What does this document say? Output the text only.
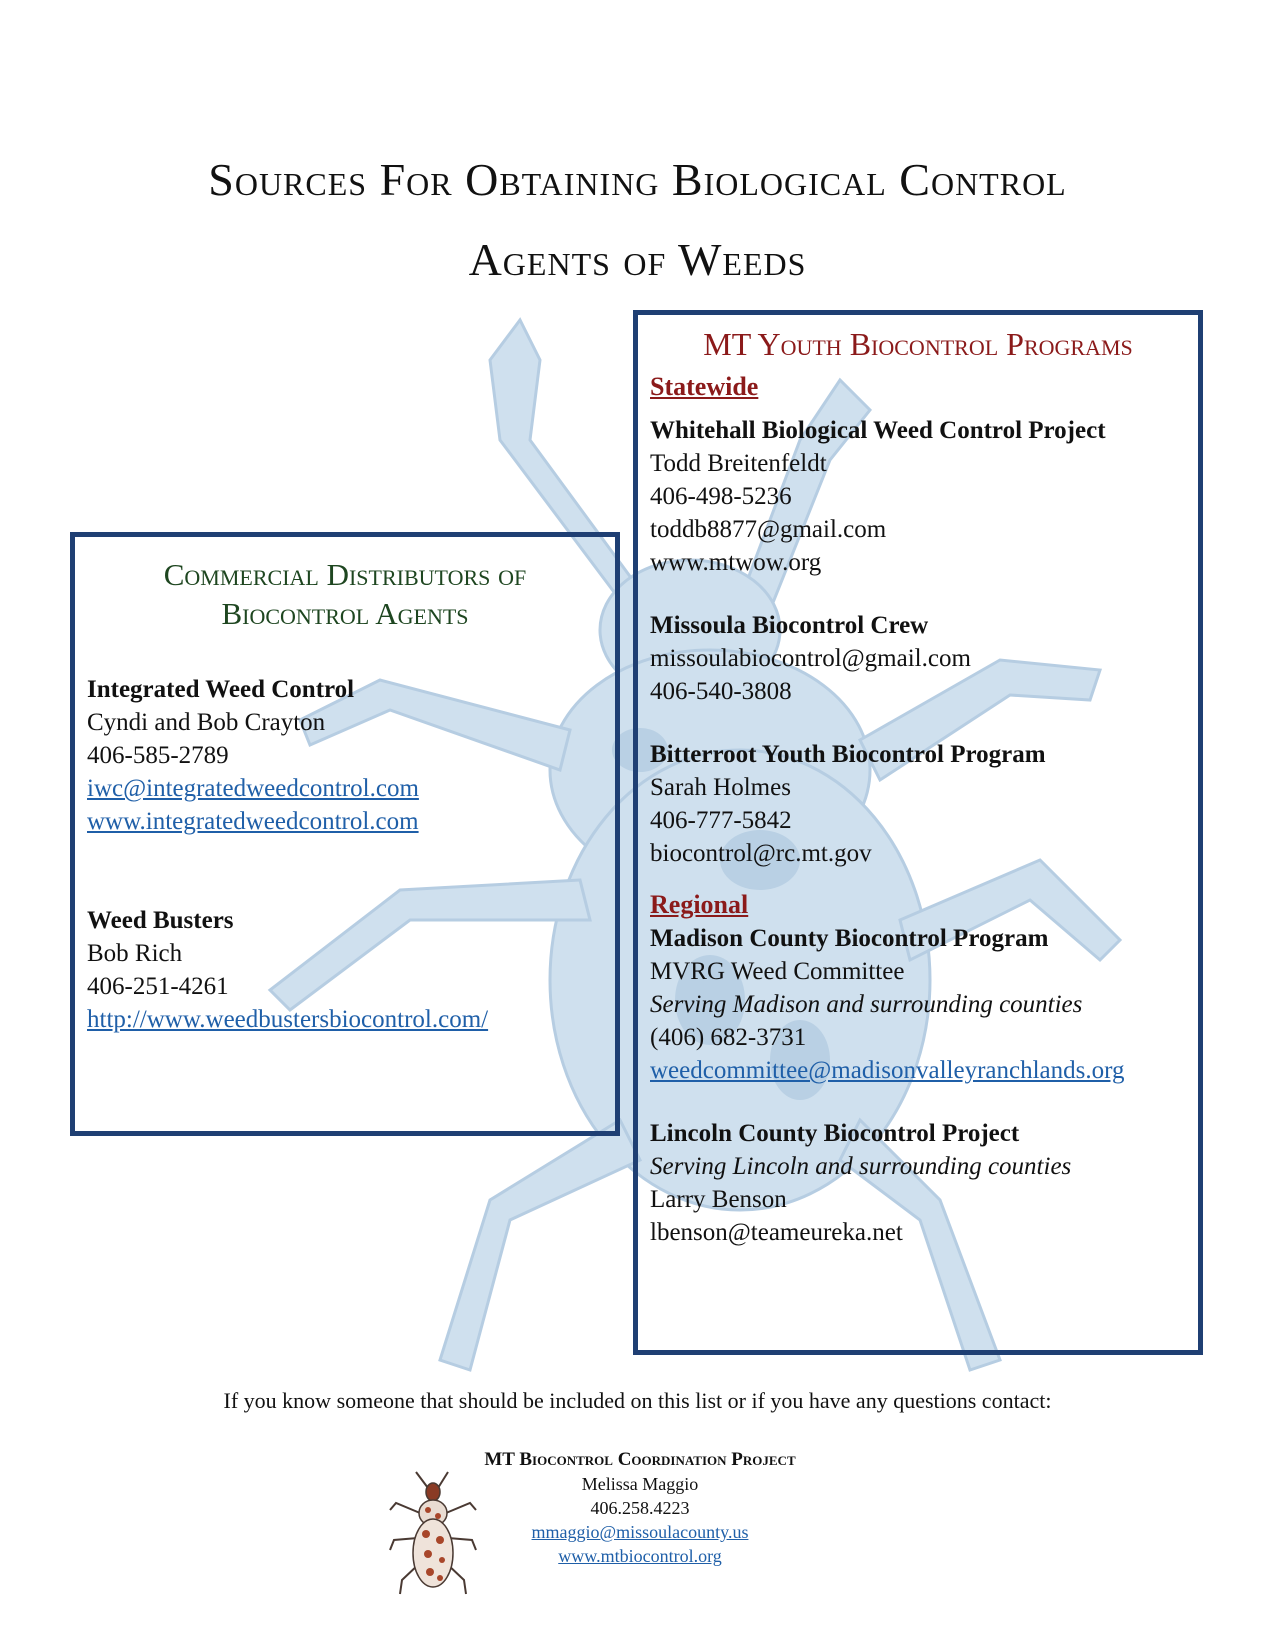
Sources For Obtaining Biological Control
Agents of Weeds
Commercial Distributors of
Biocontrol Agents
Integrated Weed Control
Cyndi and Bob Crayton
406-585-2789
iwc@integratedweedcontrol.com
www.integratedweedcontrol.com
Weed Busters
Bob Rich
406-251-4261
http://www.weedbustersbiocontrol.com/
MT Youth Biocontrol Programs
Statewide
Whitehall Biological Weed Control Project
Todd Breitenfeldt
406-498-5236
toddb8877@gmail.com
www.mtwow.org
Missoula Biocontrol Crew
missoulabiocontrol@gmail.com
406-540-3808
Bitterroot Youth Biocontrol Program
Sarah Holmes
406-777-5842
biocontrol@rc.mt.gov
Regional
Madison County Biocontrol Program
MVRG Weed Committee
Serving Madison and surrounding counties
(406) 682-3731
weedcommittee@madisonvalleyranchlands.org
Lincoln County Biocontrol Project
Serving Lincoln and surrounding counties
Larry Benson
lbenson@teameureka.net
If you know someone that should be included on this list or if you have any questions contact:
MT Biocontrol Coordination Project
Melissa Maggio
406.258.4223
mmaggio@missoulacounty.us
www.mtbiocontrol.org
